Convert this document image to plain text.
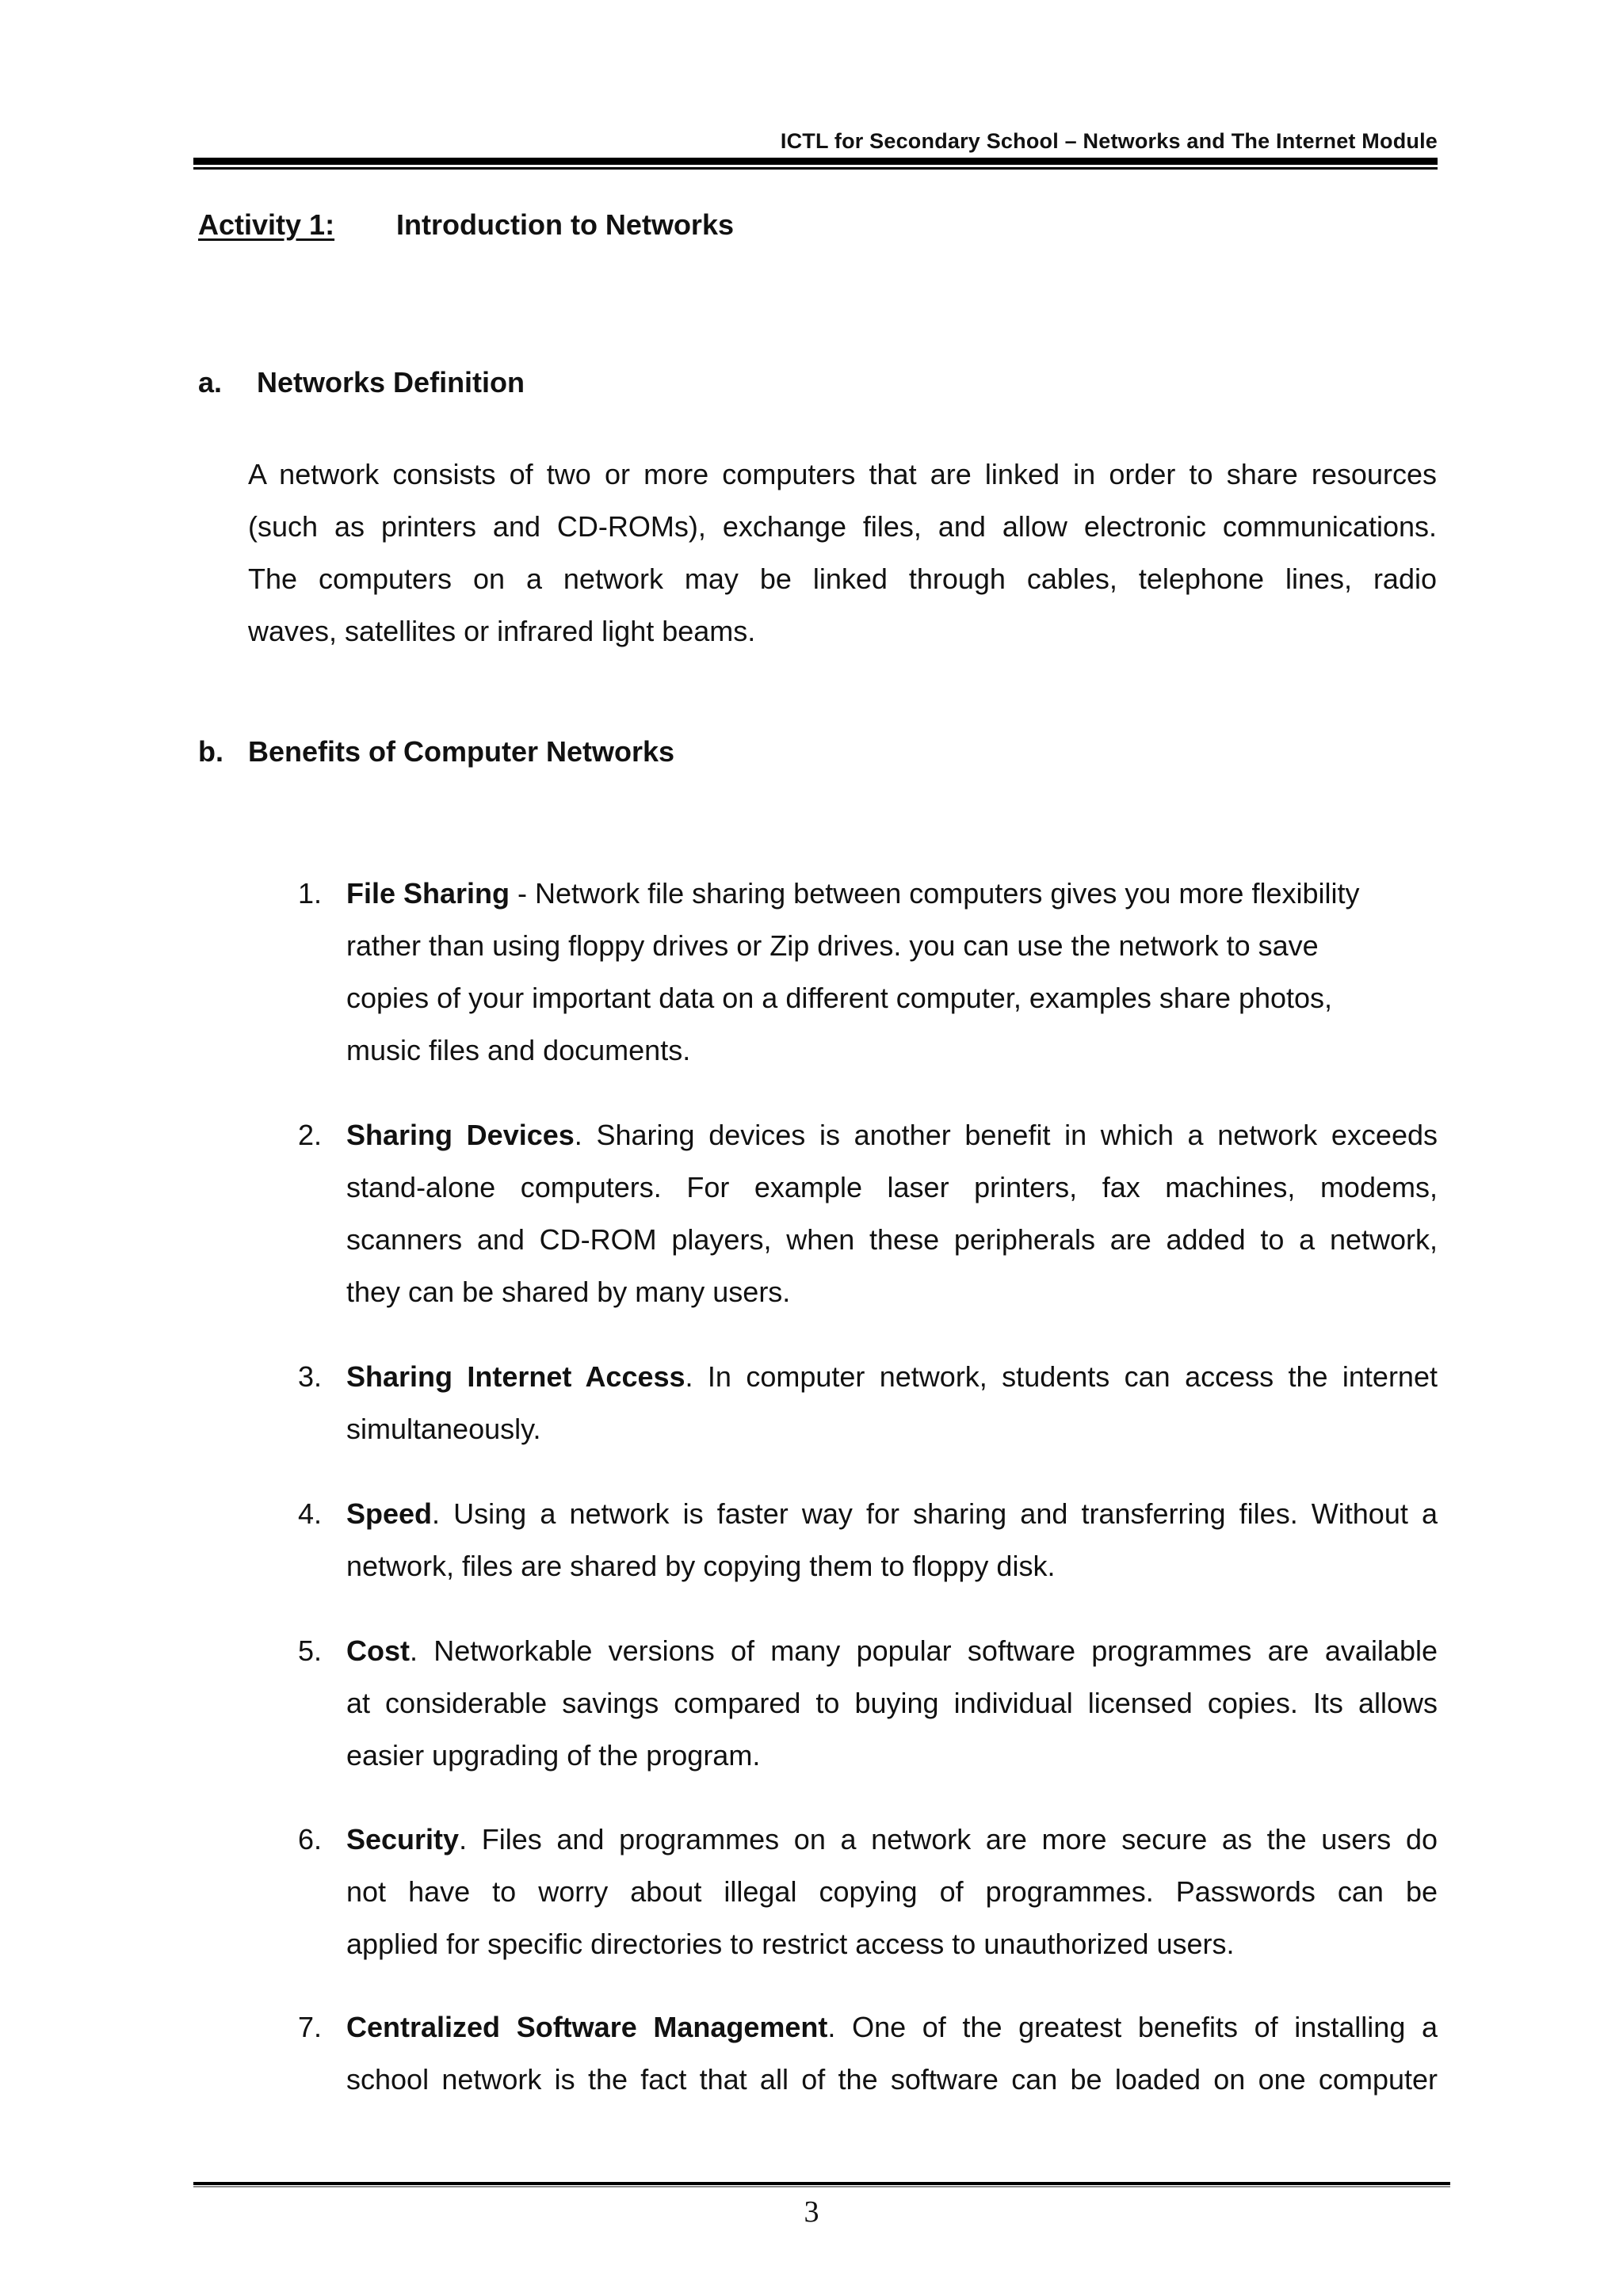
ICTL for Secondary School – Networks and The Internet Module
Activity 1: Introduction to Networks
a. Networks Definition
A network consists of two or more computers that are linked in order to share resources
(such as printers and CD-ROMs), exchange files, and allow electronic communications.
The computers on a network may be linked through cables, telephone lines, radio
waves, satellites or infrared light beams.
b. Benefits of Computer Networks
1. File Sharing - Network file sharing between computers gives you more flexibility
rather than using floppy drives or Zip drives. you can use the network to save
copies of your important data on a different computer, examples share photos,
music files and documents.
2. Sharing Devices. Sharing devices is another benefit in which a network exceeds
stand-alone computers. For example laser printers, fax machines, modems,
scanners and CD-ROM players, when these peripherals are added to a network,
they can be shared by many users.
3. Sharing Internet Access. In computer network, students can access the internet
simultaneously.
4. Speed. Using a network is faster way for sharing and transferring files. Without a
network, files are shared by copying them to floppy disk.
5. Cost. Networkable versions of many popular software programmes are available
at considerable savings compared to buying individual licensed copies. Its allows
easier upgrading of the program.
6. Security. Files and programmes on a network are more secure as the users do
not have to worry about illegal copying of programmes. Passwords can be
applied for specific directories to restrict access to unauthorized users.
7. Centralized Software Management. One of the greatest benefits of installing a
school network is the fact that all of the software can be loaded on one computer
3
